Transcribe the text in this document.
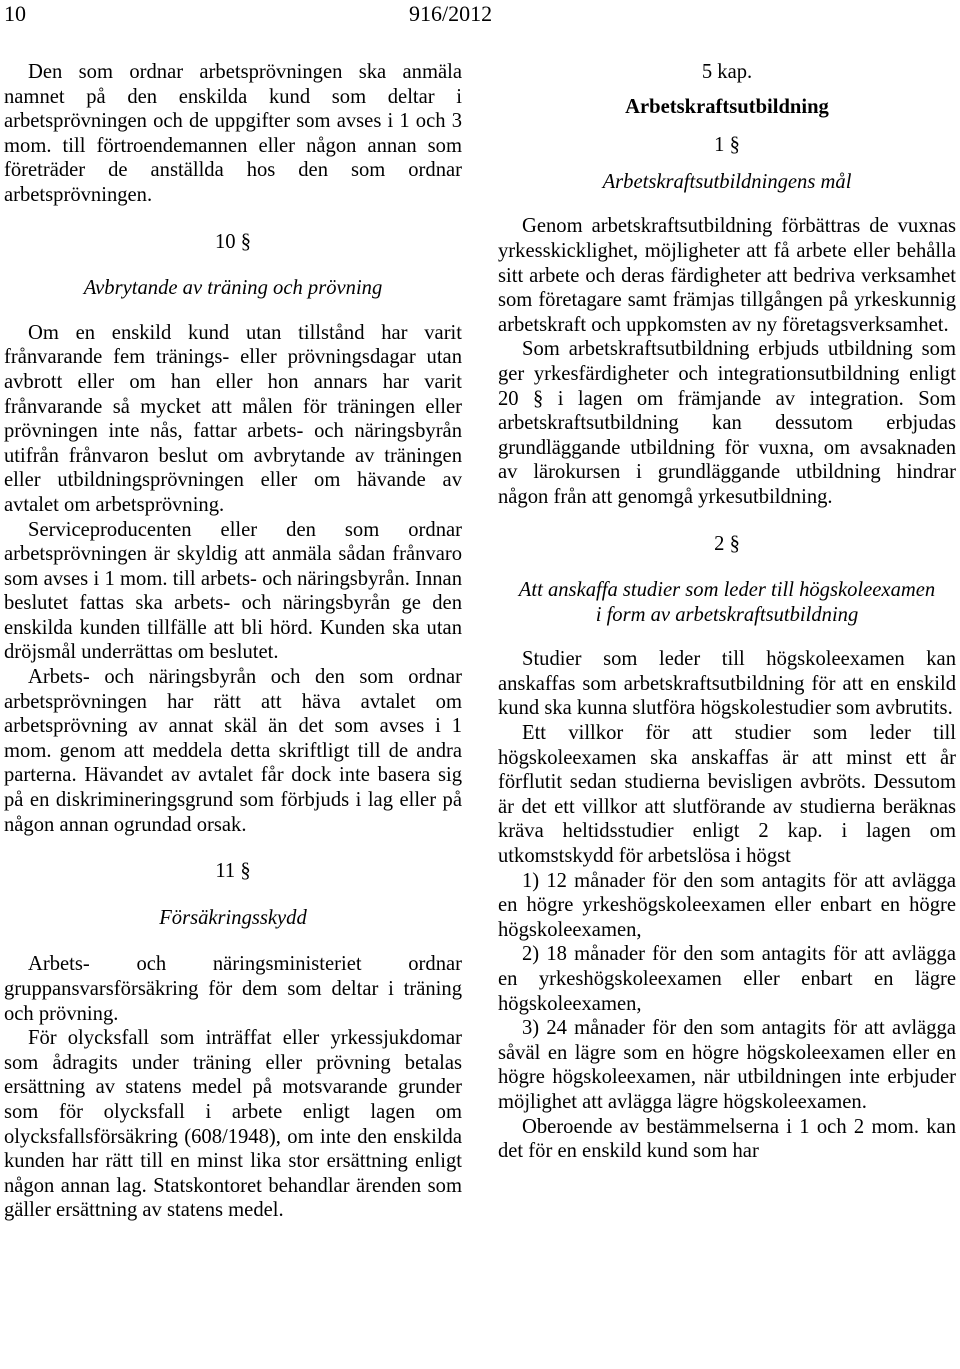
10	916/2012

Den som ordnar arbetsprövningen ska anmäla namnet på den enskilda kund som deltar i arbetsprövningen och de uppgifter som avses i 1 och 3 mom. till förtroendemannen eller någon annan som företräder de anställda hos den som ordnar arbetsprövningen.

10 §

Avbrytande av träning och prövning

Om en enskild kund utan tillstånd har varit frånvarande fem tränings- eller prövningsdagar utan avbrott eller om han eller hon annars har varit frånvarande så mycket att målen för träningen eller prövningen inte nås, fattar arbets- och näringsbyrån utifrån frånvaron beslut om avbrytande av träningen eller utbildningsprövningen eller om hävande av avtalet om arbetsprövning.

Serviceproducenten eller den som ordnar arbetsprövningen är skyldig att anmäla sådan frånvaro som avses i 1 mom. till arbets- och näringsbyrån. Innan beslutet fattas ska arbets- och näringsbyrån ge den enskilda kunden tillfälle att bli hörd. Kunden ska utan dröjsmål underrättas om beslutet.

Arbets- och näringsbyrån och den som ordnar arbetsprövningen har rätt att häva avtalet om arbetsprövning av annat skäl än det som avses i 1 mom. genom att meddela detta skriftligt till de andra parterna. Hävandet av avtalet får dock inte basera sig på en diskrimineringsgrund som förbjuds i lag eller på någon annan ogrundad orsak.

11 §

Försäkringsskydd

Arbets- och näringsministeriet ordnar gruppansvarsförsäkring för dem som deltar i träning och prövning.

För olycksfall som inträffat eller yrkessjukdomar som ådragits under träning eller prövning betalas ersättning av statens medel på motsvarande grunder som för olycksfall i arbete enligt lagen om olycksfallsförsäkring (608/1948), om inte den enskilda kunden har rätt till en minst lika stor ersättning enligt någon annan lag. Statskontoret behandlar ärenden som gäller ersättning av statens medel.

5 kap.

Arbetskraftsutbildning

1 §

Arbetskraftsutbildningens mål

Genom arbetskraftsutbildning förbättras de vuxnas yrkesskicklighet, möjligheter att få arbete eller behålla sitt arbete och deras färdigheter att bedriva verksamhet som företagare samt främjas tillgången på yrkeskunnig arbetskraft och uppkomsten av ny företagsverksamhet.

Som arbetskraftsutbildning erbjuds utbildning som ger yrkesfärdigheter och integrationsutbildning enligt 20 § i lagen om främjande av integration. Som arbetskraftsutbildning kan dessutom erbjudas grundläggande utbildning för vuxna, om avsaknaden av lärokursen i grundläggande utbildning hindrar någon från att genomgå yrkesutbildning.

2 §

Att anskaffa studier som leder till högskoleexamen i form av arbetskraftsutbildning

Studier som leder till högskoleexamen kan anskaffas som arbetskraftsutbildning för att en enskild kund ska kunna slutföra högskolestudier som avbrutits.

Ett villkor för att studier som leder till högskoleexamen ska anskaffas är att minst ett år förflutit sedan studierna bevisligen avbröts. Dessutom är det ett villkor att slutförande av studierna beräknas kräva heltidsstudier enligt 2 kap. i lagen om utkomstskydd för arbetslösa i högst

1) 12 månader för den som antagits för att avlägga en högre yrkeshögskoleexamen eller enbart en högre högskoleexamen,

2) 18 månader för den som antagits för att avlägga en yrkeshögskoleexamen eller enbart en lägre högskoleexamen,

3) 24 månader för den som antagits för att avlägga såväl en lägre som en högre högskoleexamen eller en högre högskoleexamen, när utbildningen inte erbjuder möjlighet att avlägga lägre högskoleexamen.

Oberoende av bestämmelserna i 1 och 2 mom. kan det för en enskild kund som har
